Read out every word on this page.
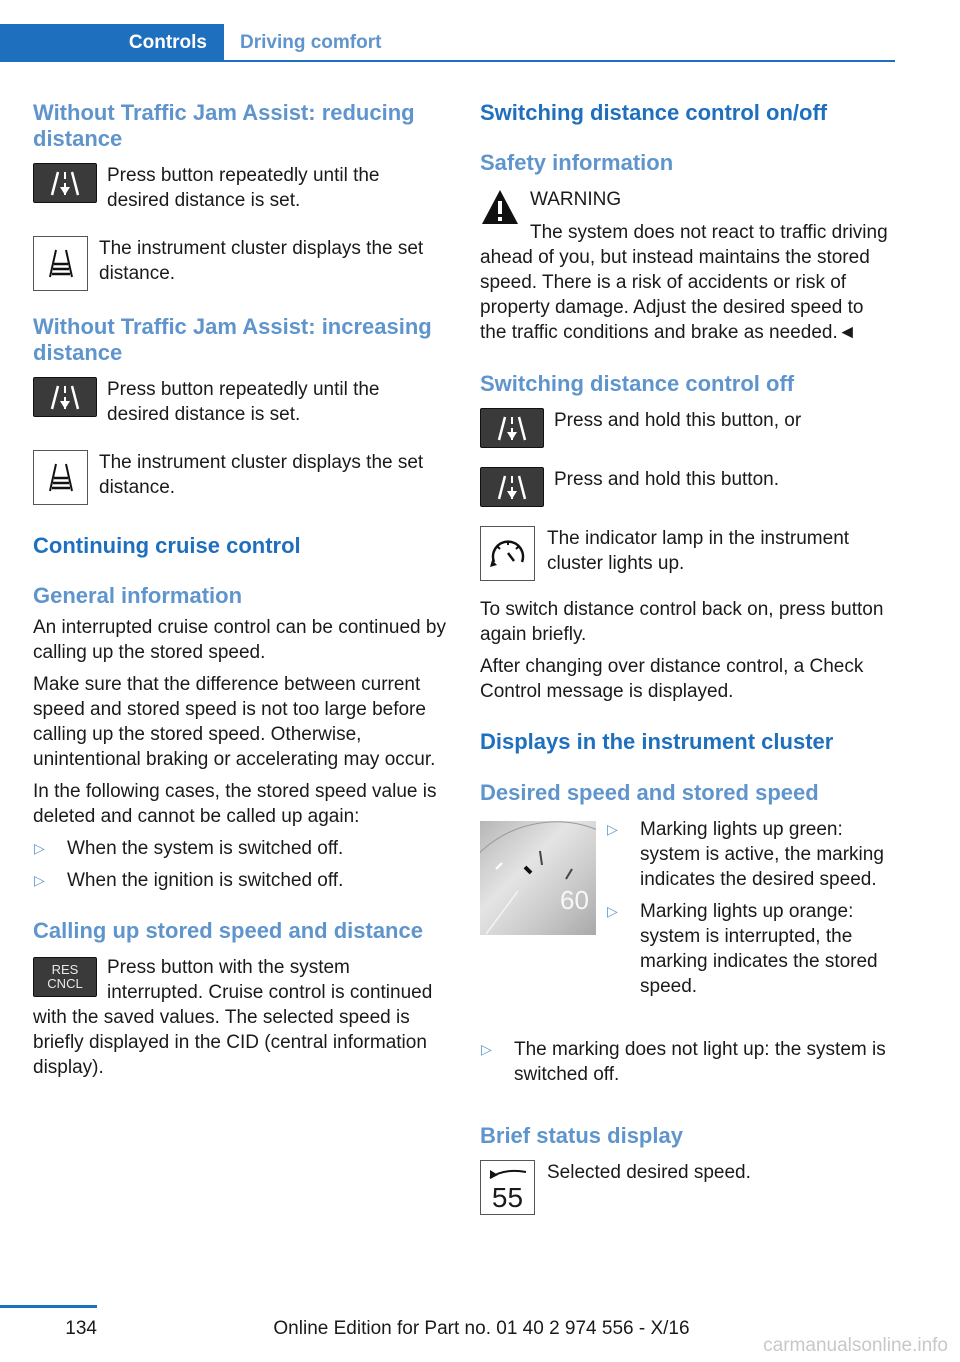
Controls	Driving comfort
Without Traffic Jam Assist: reducing distance
Press button repeatedly until the desired distance is set.
The instrument cluster displays the set distance.
Without Traffic Jam Assist: increasing distance
Press button repeatedly until the desired distance is set.
The instrument cluster displays the set distance.
Continuing cruise control
General information

An interrupted cruise control can be continued by calling up the stored speed.

Make sure that the difference between current speed and stored speed is not too large before calling up the stored speed. Otherwise, unintentional braking or accelerating may occur.

In the following cases, the stored speed value is deleted and cannot be called up again:

▷ When the system is switched off.
▷ When the ignition is switched off.
Calling up stored speed and distance
RES
CNCL

Press button with the system interrupted. Cruise control is continued with the saved values. The selected speed is briefly displayed in the CID (central information display).

Switching distance control on/off
Safety information
WARNING

The system does not react to traffic driving ahead of you, but instead maintains the stored speed. There is a risk of accidents or risk of property damage. Adjust the desired speed to the traffic conditions and brake as needed.◄

Switching distance control off
Press and hold this button, or
Press and hold this button.
The indicator lamp in the instrument cluster lights up.

To switch distance control back on, press button again briefly.

After changing over distance control, a Check Control message is displayed.

Displays in the instrument cluster
Desired speed and stored speed
60
▷ Marking lights up green: system is active, the marking indicates the desired speed.
▷ Marking lights up orange: system is interrupted, the marking indicates the stored speed.
▷ The marking does not light up: the system is switched off.
Brief status display
55
Selected desired speed.
134	Online Edition for Part no. 01 40 2 974 556 - X/16
carmanualsonline.info
